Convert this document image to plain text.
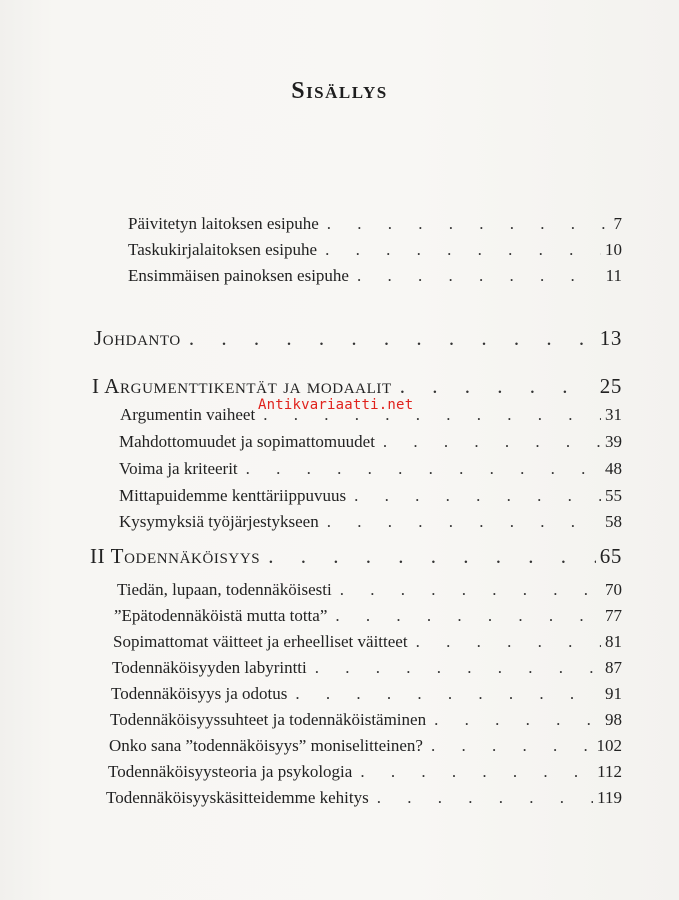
Sisällys
Päivitetyn laitoksen esipuhe . . .	7
Taskukirjalaitoksen esipuhe . . .	10
Ensimmäisen painoksen esipuhe . . .	11
Johdanto . . .	13
I Argumenttikentät ja modaalit . . .	25
Argumentin vaiheet . . .	31
Mahdottomuudet ja sopimattomuudet . . .	39
Voima ja kriteerit . . .	48
Mittapuidemme kenttäriippuvuus . . .	55
Kysymyksiä työjärjestykseen . . .	58
II Todennäköisyys . . .	65
Tiedän, lupaan, todennäköisesti . . .	70
”Epätodennäköistä mutta totta” . . .	77
Sopimattomat väitteet ja erheelliset väitteet . . .	81
Todennäköisyyden labyrintti . . .	87
Todennäköisyys ja odotus . . .	91
Todennäköisyyssuhteet ja todennäköistäminen . . .	98
Onko sana ”todennäköisyys” moniselitteinen? . . .	102
Todennäköisyysteoria ja psykologia . . .	112
Todennäköisyyskäsitteidemme kehitys . . .	119
Antikvariaatti.net
